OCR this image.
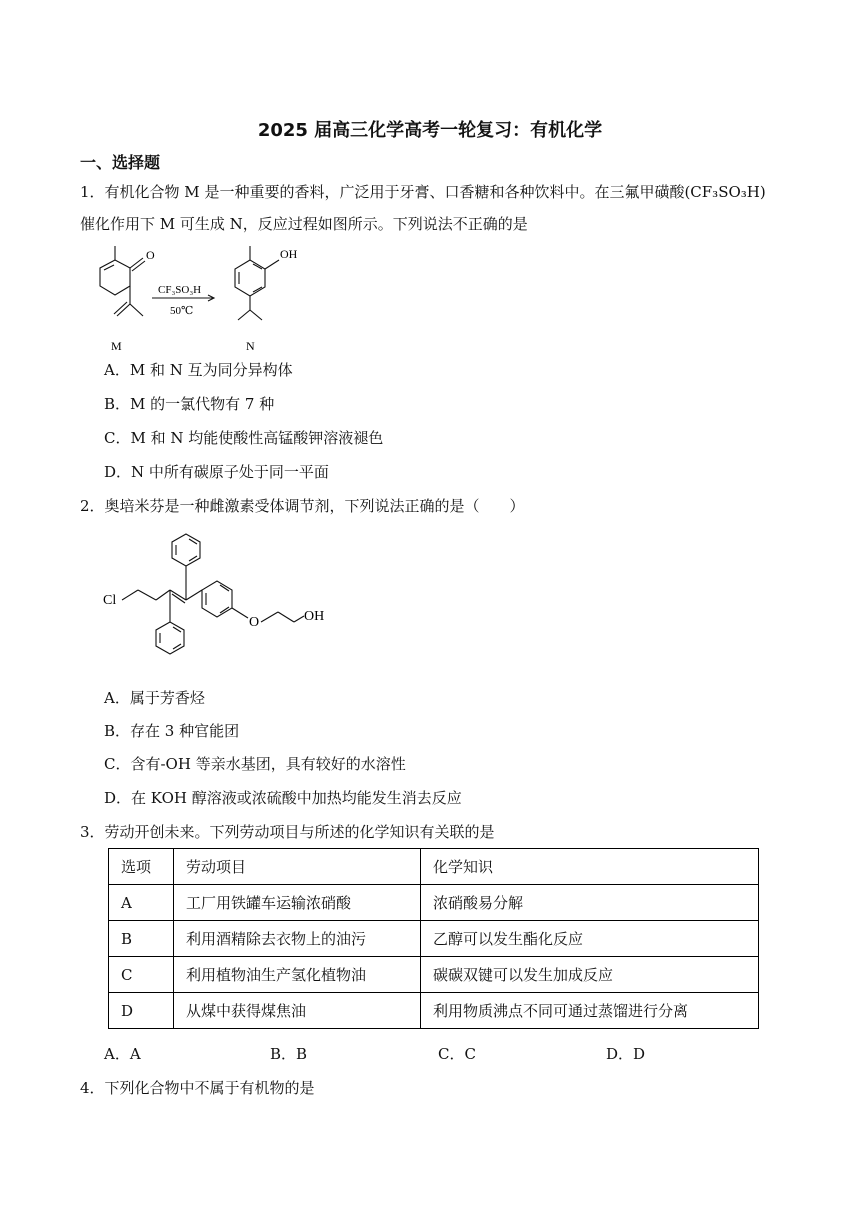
2025 届高三化学高考一轮复习：有机化学
一、选择题
1．有机化合物 M 是一种重要的香料，广泛用于牙膏、口香糖和各种饮料中。在三氟甲磺酸(CF₃SO₃H)
催化作用下 M 可生成 N，反应过程如图所示。下列说法不正确的是
O	OH
CF₃SO₃H
50℃
M	N
A．M 和 N 互为同分异构体
B．M 的一氯代物有 7 种
C．M 和 N 均能使酸性高锰酸钾溶液褪色
D．N 中所有碳原子处于同一平面
2．奥培米芬是一种雌激素受体调节剂，下列说法正确的是（　　）
Cl
O	OH
A．属于芳香烃
B．存在 3 种官能团
C．含有-OH 等亲水基团，具有较好的水溶性
D．在 KOH 醇溶液或浓硫酸中加热均能发生消去反应
3．劳动开创未来。下列劳动项目与所述的化学知识有关联的是
选项	劳动项目	化学知识
A	工厂用铁罐车运输浓硝酸	浓硝酸易分解
B	利用酒精除去衣物上的油污	乙醇可以发生酯化反应
C	利用植物油生产氢化植物油	碳碳双键可以发生加成反应
D	从煤中获得煤焦油	利用物质沸点不同可通过蒸馏进行分离
A．A	B．B	C．C	D．D
4．下列化合物中不属于有机物的是
